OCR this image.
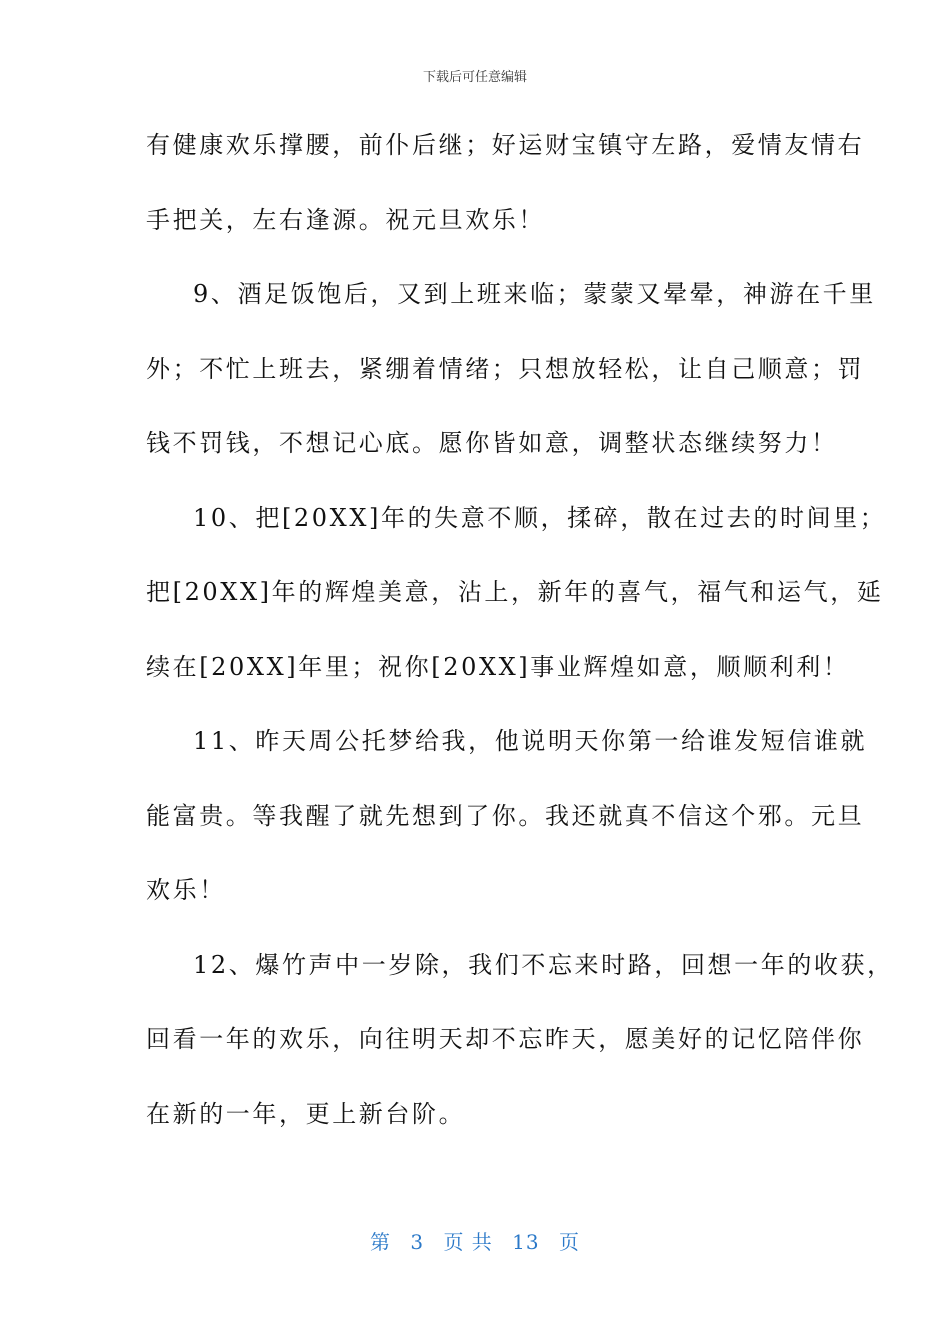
下载后可任意编辑
有健康欢乐撑腰，前仆后继；好运财宝镇守左路，爱情友情右
手把关，左右逢源。祝元旦欢乐！
9、酒足饭饱后，又到上班来临；蒙蒙又晕晕，神游在千里
外；不忙上班去，紧绷着情绪；只想放轻松，让自己顺意；罚
钱不罚钱，不想记心底。愿你皆如意，调整状态继续努力！
10、把[20XX]年的失意不顺，揉碎，散在过去的时间里；
把[20XX]年的辉煌美意，沾上，新年的喜气，福气和运气，延
续在[20XX]年里；祝你[20XX]事业辉煌如意，顺顺利利！
11、昨天周公托梦给我，他说明天你第一给谁发短信谁就
能富贵。等我醒了就先想到了你。我还就真不信这个邪。元旦
欢乐！
12、爆竹声中一岁除，我们不忘来时路，回想一年的收获，
回看一年的欢乐，向往明天却不忘昨天，愿美好的记忆陪伴你
在新的一年，更上新台阶。
第 3 页 共 13 页
